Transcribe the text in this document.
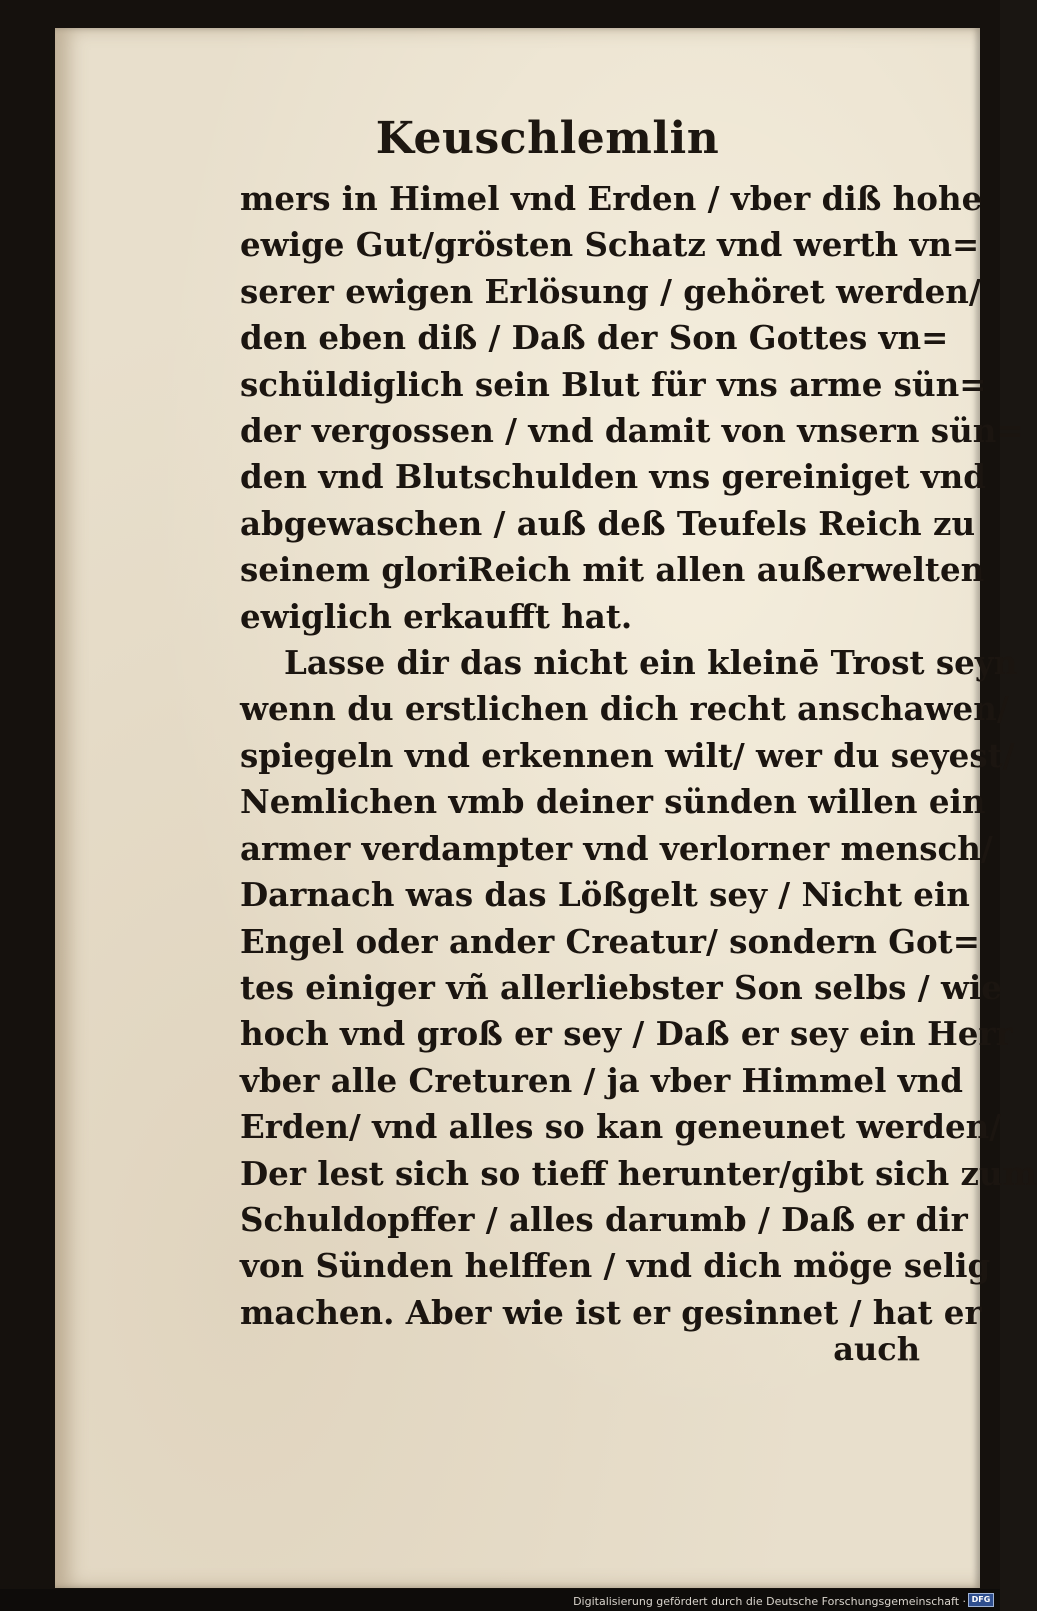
Keuschlemlin
mers in Himel vnd Erden / vber diß hohe
ewige Gut/grösten Schatz vnd werth vn=
serer ewigen Erlösung / gehöret werden/
den eben diß / Daß der Son Gottes vn=
schüldiglich sein Blut für vns arme sün=
der vergossen / vnd damit von vnsern sün=
den vnd Blutschulden vns gereiniget vnd
abgewaschen / auß deß Teufels Reich zu
seinem gloriReich mit allen außerwelten
ewiglich erkaufft hat.
Lasse dir das nicht ein kleinē Trost seyn
wenn du erstlichen dich recht anschawen/
spiegeln vnd erkennen wilt/ wer du seyest/
Nemlichen vmb deiner sünden willen ein
armer verdampter vnd verlorner mensch/
Darnach was das Lößgelt sey / Nicht ein
Engel oder ander Creatur/ sondern Got=
tes einiger vñ allerliebster Son selbs / wie
hoch vnd groß er sey / Daß er sey ein Herr
vber alle Creturen / ja vber Himmel vnd
Erden/ vnd alles so kan geneunet werden/
Der lest sich so tieff herunter/gibt sich zum
Schuldopffer / alles darumb / Daß er dir
von Sünden helffen / vnd dich möge selig
machen. Aber wie ist er gesinnet / hat er
auch
Digitalisierung gefördert durch die Deutsche Forschungsgemeinschaft · DFG
